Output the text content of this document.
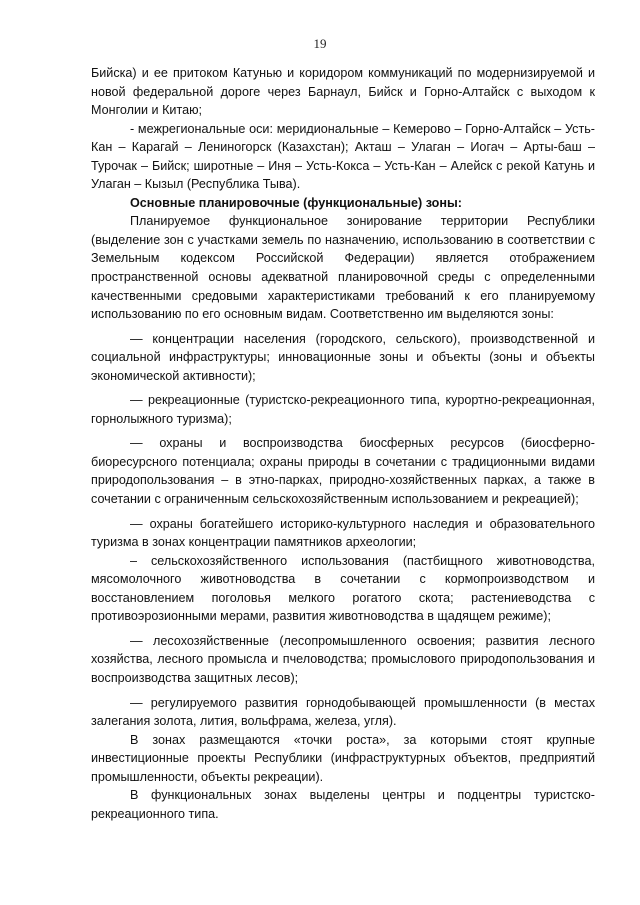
19

Бийска) и ее притоком Катунью и коридором коммуникаций по модернизируемой и новой федеральной дороге через Барнаул, Бийск и Горно-Алтайск с выходом к Монголии и Китаю;

- межрегиональные оси: меридиональные – Кемерово – Горно-Алтайск – Усть-Кан – Карагай – Лениногорск (Казахстан); Акташ – Улаган – Иогач – Арты-баш – Турочак – Бийск; широтные – Иня – Усть-Кокса – Усть-Кан – Алейск с рекой Катунь и Улаган – Кызыл (Республика Тыва).

Основные планировочные (функциональные) зоны:

Планируемое функциональное зонирование территории Республики (выделение зон с участками земель по назначению, использованию в соответствии с Земельным кодексом Российской Федерации) является отображением пространственной основы адекватной планировочной среды с определенными качественными средовыми характеристиками требований к его планируемому использованию по его основным видам. Соответственно им выделяются зоны:

— концентрации населения (городского, сельского), производственной и социальной инфраструктуры; инновационные зоны и объекты (зоны и объекты экономической активности);

— рекреационные (туристско-рекреационного типа, курортно-рекреационная, горнолыжного туризма);

— охраны и воспроизводства биосферных ресурсов (биосферно-биоресурсного потенциала; охраны природы в сочетании с традиционными видами природопользования – в этно-парках, природно-хозяйственных парках, а также в сочетании с ограниченным сельскохозяйственным использованием и рекреацией);

— охраны богатейшего историко-культурного наследия и образовательного туризма в зонах концентрации памятников археологии;

– сельскохозяйственного использования (пастбищного животноводства, мясомолочного животноводства в сочетании с кормопроизводством и восстановлением поголовья мелкого рогатого скота; растениеводства с противоэрозионными мерами, развития животноводства в щадящем режиме);

— лесохозяйственные (лесопромышленного освоения; развития лесного хозяйства, лесного промысла и пчеловодства; промыслового природопользования и воспроизводства защитных лесов);

— регулируемого развития горнодобывающей промышленности (в местах залегания золота, лития, вольфрама, железа, угля).

В зонах размещаются «точки роста», за которыми стоят крупные инвестиционные проекты Республики (инфраструктурных объектов, предприятий промышленности, объекты рекреации).

В функциональных зонах выделены центры и подцентры туристско-рекреационного типа.
